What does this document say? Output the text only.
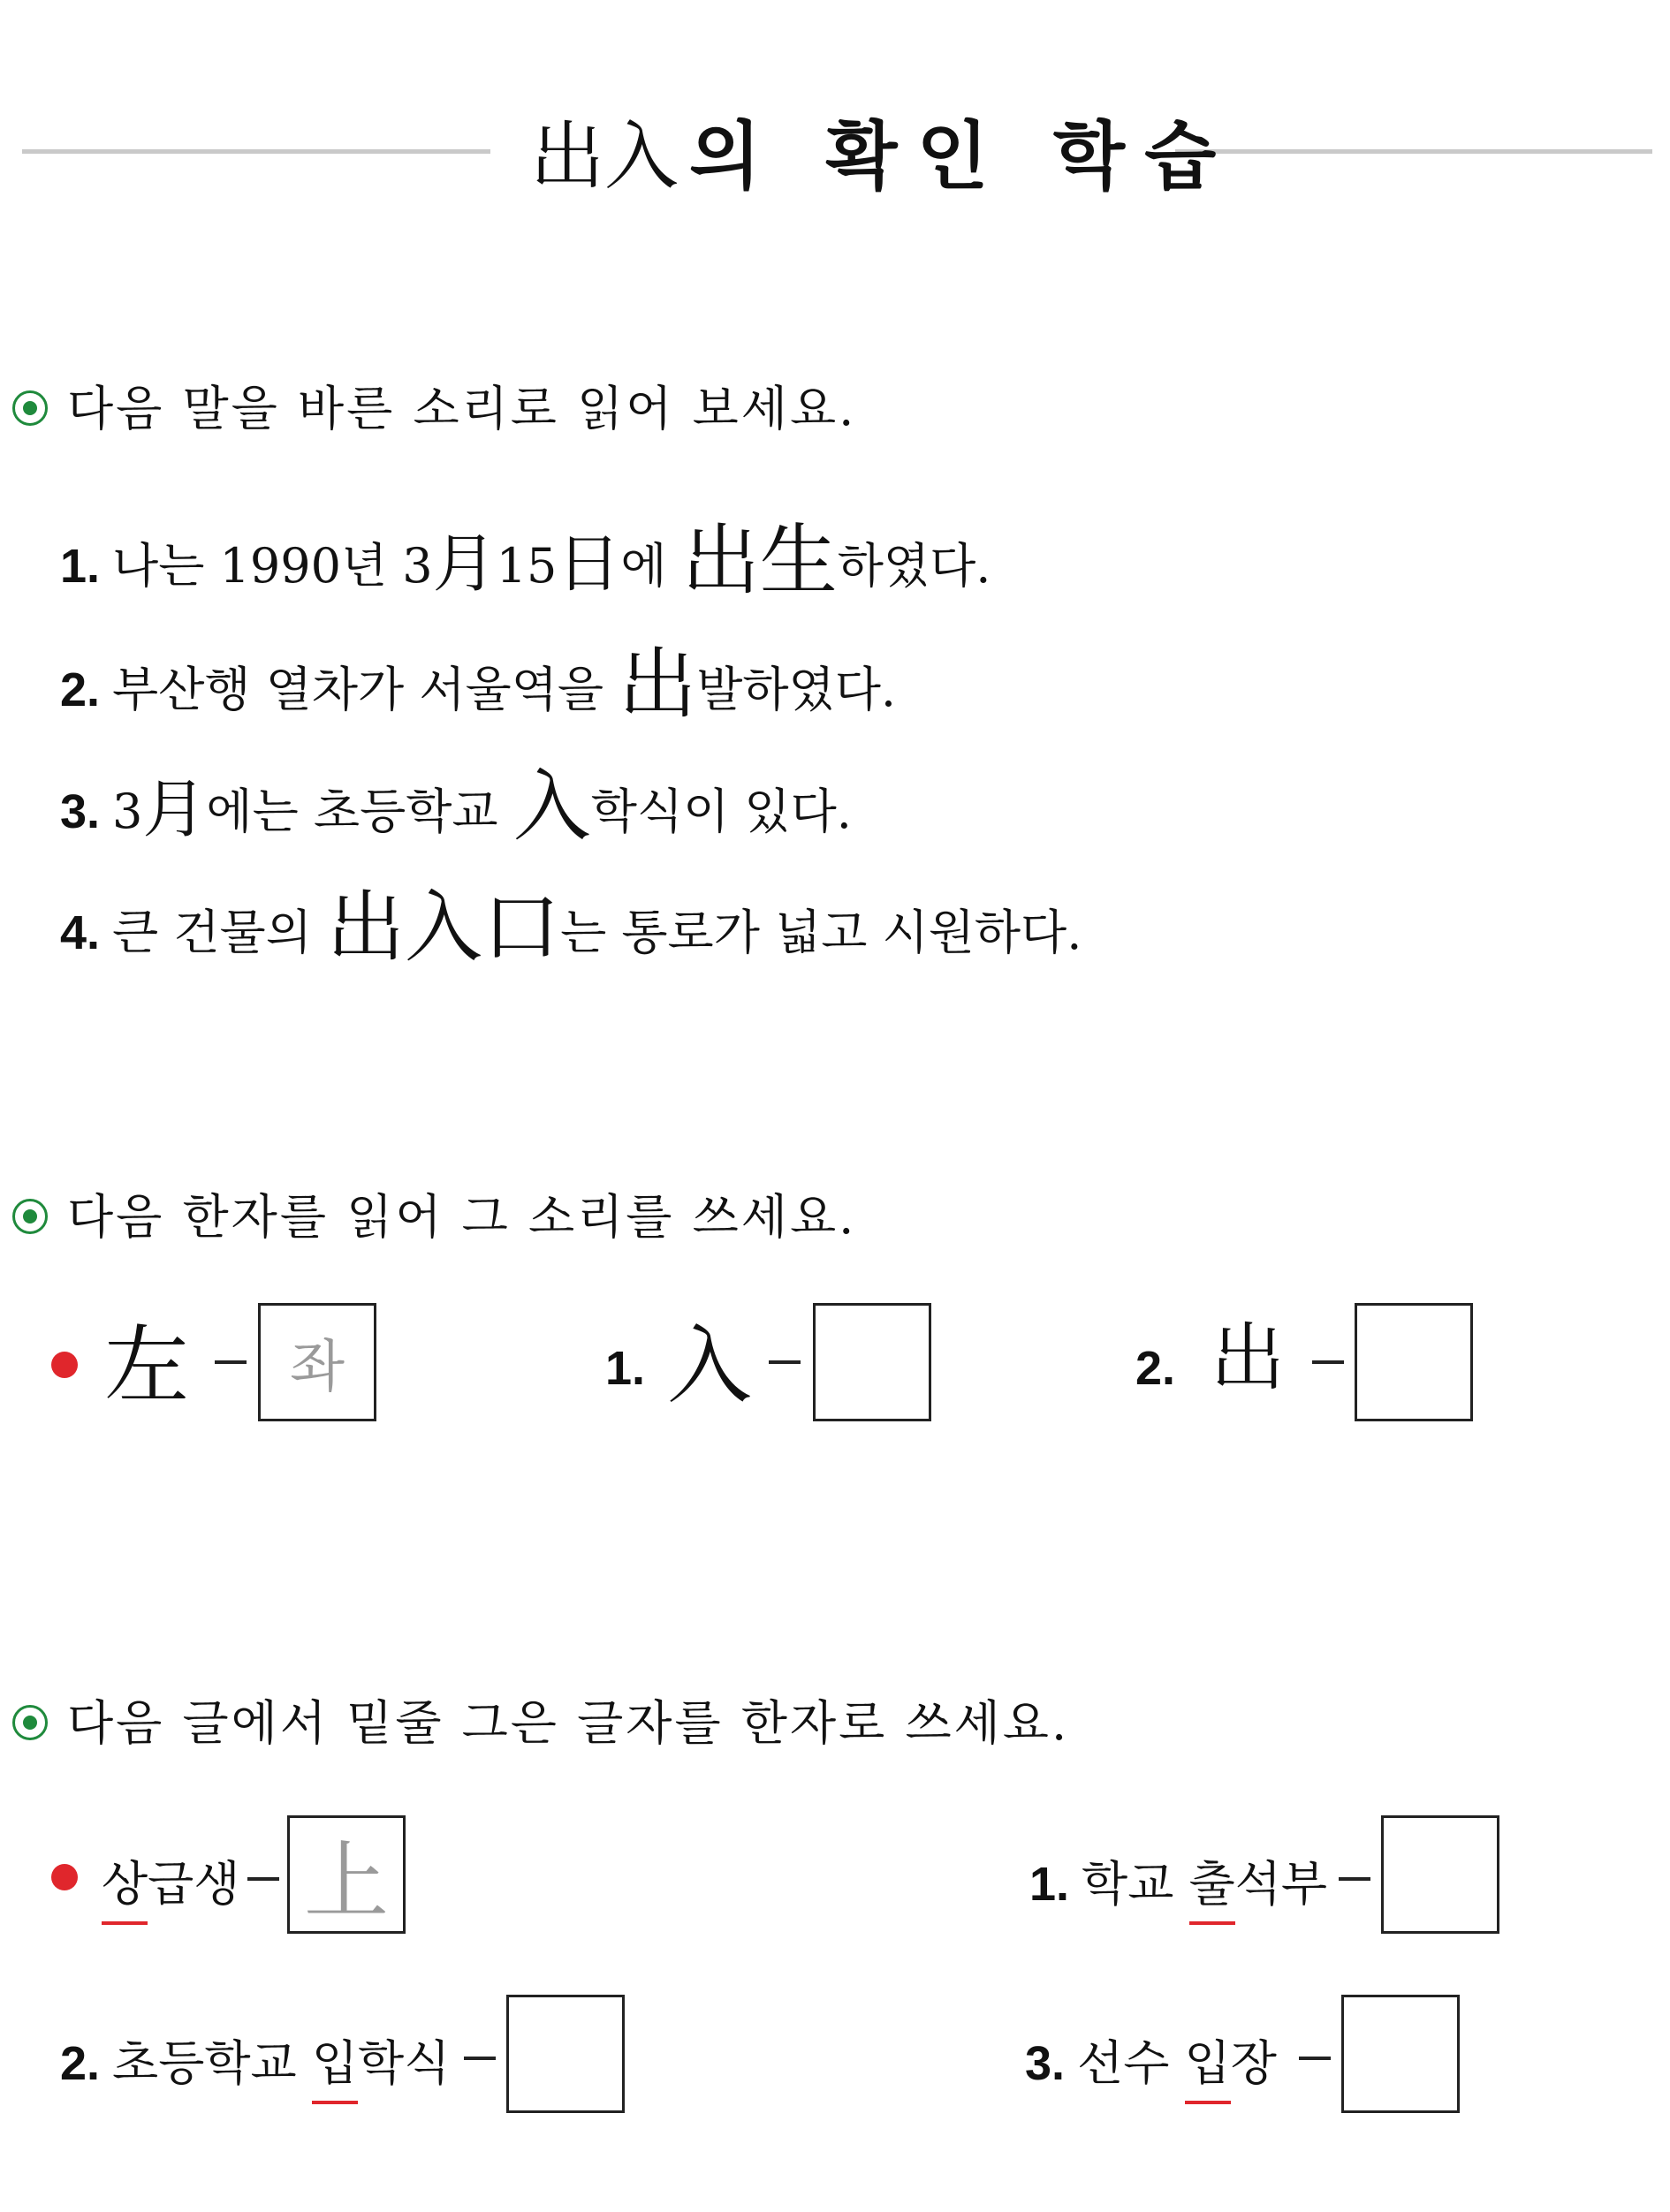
出入 의 확인 학습
다음 말을 바른 소리로 읽어 보세요.
1. 나는 1990년 3月15日에 出生하였다.
2. 부산행 열차가 서울역을 出발하였다.
3. 3月에는 초등학교 入학식이 있다.
4. 큰 건물의 出入口는 통로가 넓고 시원하다.
다음 한자를 읽어 그 소리를 쓰세요.
左	좌	1. 入	2. 出
다음 글에서 밑줄 그은 글자를 한자로 쓰세요.
상급생 上	1. 학교 출석부
2. 초등학교 입학식	3. 선수 입장
